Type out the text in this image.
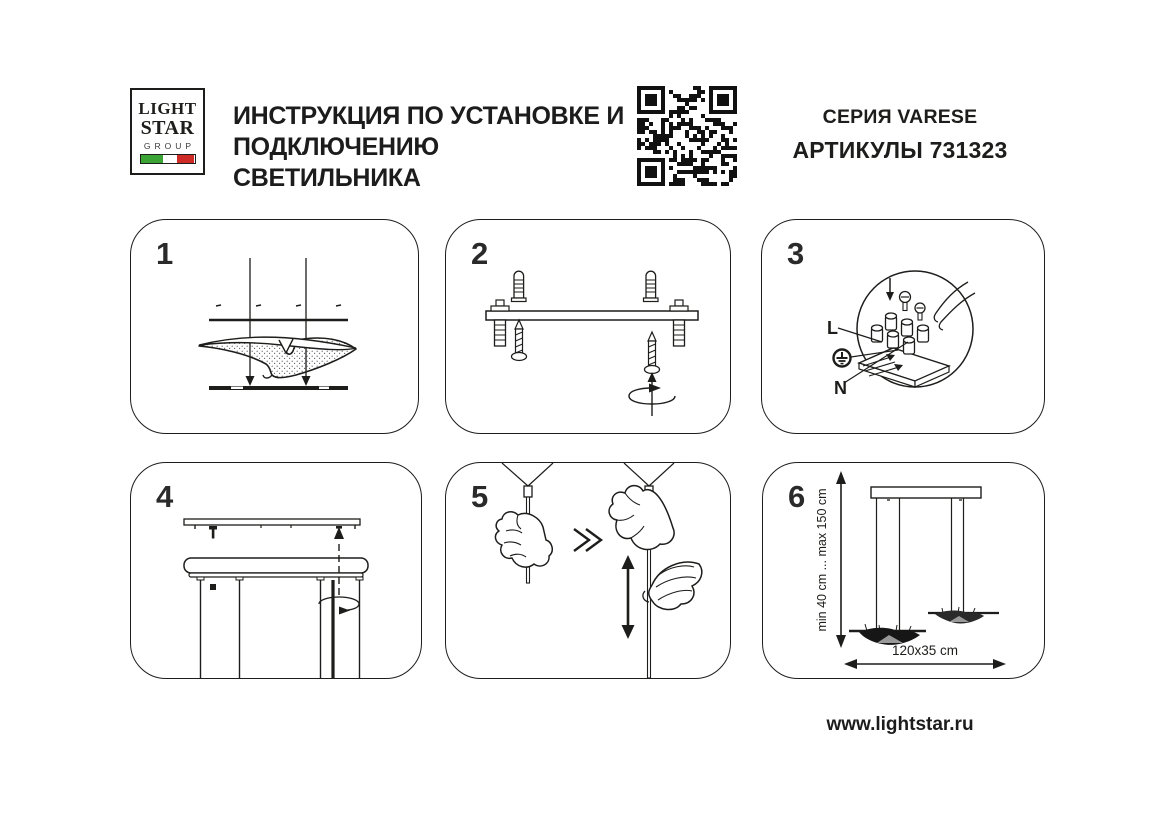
LIGHT
STAR
GROUP
ИНСТРУКЦИЯ ПО УСТАНОВКЕ И
ПОДКЛЮЧЕНИЮ СВЕТИЛЬНИКА
СЕРИЯ VARESE
АРТИКУЛЫ 731323
1	2	3
L
N
4	5	6 min 40 cm ... max 150 cm
120x35 cm
www.lightstar.ru
